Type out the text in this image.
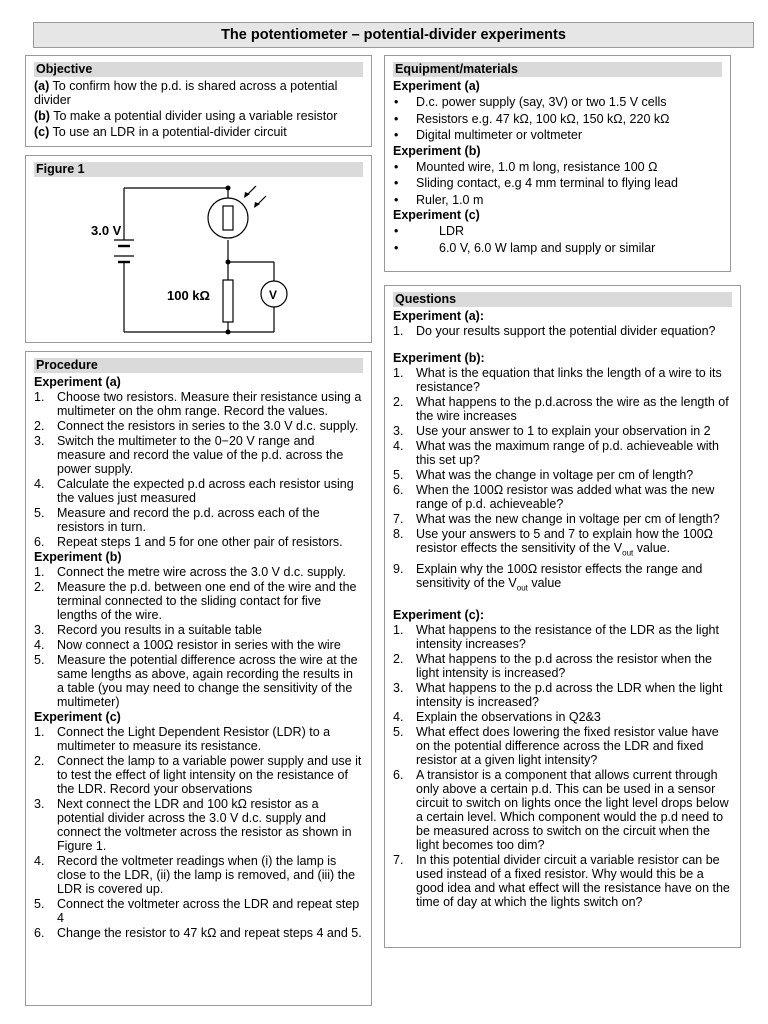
The potentiometer – potential-divider experiments
Objective
(a) To confirm how the p.d. is shared across a potential divider
(b) To make a potential divider using a variable resistor
(c) To use an LDR in a potential-divider circuit
Figure 1
3.0 V
100 kΩ	V
Procedure
Experiment (a)
1. Choose two resistors. Measure their resistance using a multimeter on the ohm range. Record the values.
2. Connect the resistors in series to the 3.0 V d.c. supply.
3. Switch the multimeter to the 0−20 V range and measure and record the value of the p.d. across the power supply.
4. Calculate the expected p.d across each resistor using the values just measured
5. Measure and record the p.d. across each of the resistors in turn.
6. Repeat steps 1 and 5 for one other pair of resistors.
Experiment (b)
1. Connect the metre wire across the 3.0 V d.c. supply.
2. Measure the p.d. between one end of the wire and the terminal connected to the sliding contact for five lengths of the wire.
3. Record you results in a suitable table
4. Now connect a 100Ω resistor in series with the wire
5. Measure the potential difference across the wire at the same lengths as above, again recording the results in a table (you may need to change the sensitivity of the multimeter)
Experiment (c)
1. Connect the Light Dependent Resistor (LDR) to a multimeter to measure its resistance.
2. Connect the lamp to a variable power supply and use it to test the effect of light intensity on the resistance of the LDR. Record your observations
3. Next connect the LDR and 100 kΩ resistor as a potential divider across the 3.0 V d.c. supply and connect the voltmeter across the resistor as shown in Figure 1.
4. Record the voltmeter readings when (i) the lamp is close to the LDR, (ii) the lamp is removed, and (iii) the LDR is covered up.
5. Connect the voltmeter across the LDR and repeat step 4
6. Change the resistor to 47 kΩ and repeat steps 4 and 5.
Equipment/materials
Experiment (a)
• D.c. power supply (say, 3V) or two 1.5 V cells
• Resistors e.g. 47 kΩ, 100 kΩ, 150 kΩ, 220 kΩ
• Digital multimeter or voltmeter
Experiment (b)
• Mounted wire, 1.0 m long, resistance 100 Ω
• Sliding contact, e.g 4 mm terminal to flying lead
• Ruler, 1.0 m
Experiment (c)
•	LDR
•	6.0 V, 6.0 W lamp and supply or similar
Questions
Experiment (a):
1. Do your results support the potential divider equation?
Experiment (b):
1. What is the equation that links the length of a wire to its resistance?
2. What happens to the p.d.across the wire as the length of the wire increases
3. Use your answer to 1 to explain your observation in 2
4. What was the maximum range of p.d. achieveable with this set up?
5. What was the change in voltage per cm of length?
6. When the 100Ω resistor was added what was the new range of p.d. achieveable?
7. What was the new change in voltage per cm of length?
8. Use your answers to 5 and 7 to explain how the 100Ω resistor effects the sensitivity of the $V_{out}$ value.
9. Explain why the 100Ω resistor effects the range and sensitivity of the $V_{out}$ value
Experiment (c):
1. What happens to the resistance of the LDR as the light intensity increases?
2. What happens to the p.d across the resistor when the light intensity is increased?
3. What happens to the p.d across the LDR when the light intensity is increased?
4. Explain the observations in Q2&3
5. What effect does lowering the fixed resistor value have on the potential difference across the LDR and fixed resistor at a given light intensity?
6. A transistor is a component that allows current through only above a certain p.d. This can be used in a sensor circuit to switch on lights once the light level drops below a certain level. Which component would the p.d need to be measured across to switch on the circuit when the light becomes too dim?
7. In this potential divider circuit a variable resistor can be used instead of a fixed resistor. Why would this be a good idea and what effect will the resistance have on the time of day at which the lights switch on?
